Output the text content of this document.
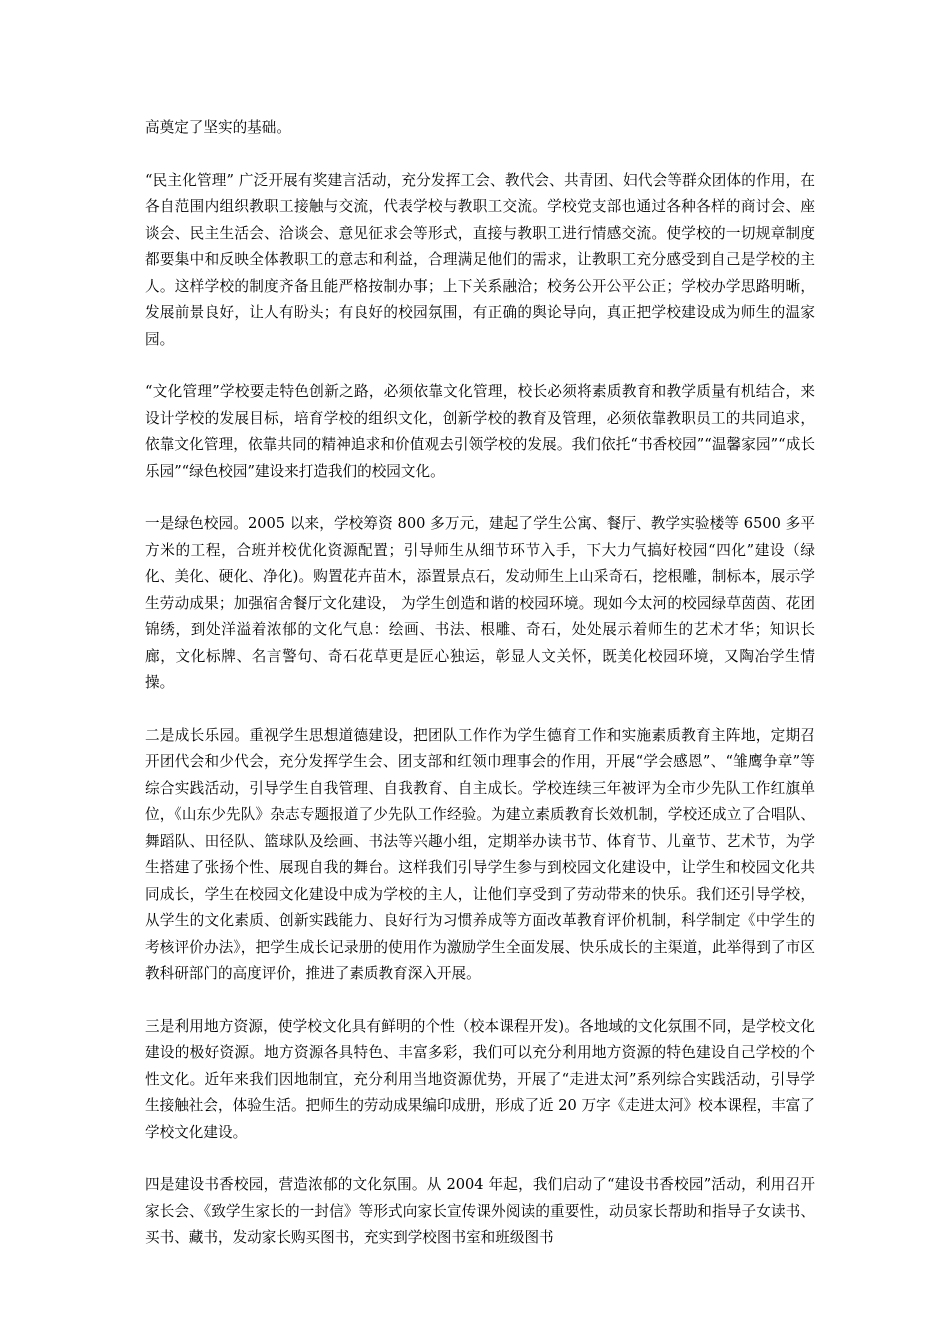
高奠定了坚实的基础。

“民主化管理” 广泛开展有奖建言活动，充分发挥工会、教代会、共青团、妇代会等群众团体的作用，在各自范围内组织教职工接触与交流，代表学校与教职工交流。学校党支部也通过各种各样的商讨会、座谈会、民主生活会、洽谈会、意见征求会等形式，直接与教职工进行情感交流。使学校的一切规章制度都要集中和反映全体教职工的意志和利益，合理满足他们的需求，让教职工充分感受到自己是学校的主人。这样学校的制度齐备且能严格按制办事；上下关系融洽；校务公开公平公正；学校办学思路明晰，发展前景良好，让人有盼头；有良好的校园氛围，有正确的舆论导向，真正把学校建设成为师生的温家园。

“文化管理”学校要走特色创新之路，必须依靠文化管理，校长必须将素质教育和教学质量有机结合，来设计学校的发展目标，培育学校的组织文化，创新学校的教育及管理，必须依靠教职员工的共同追求，依靠文化管理，依靠共同的精神追求和价值观去引领学校的发展。我们依托“书香校园”“温馨家园”“成长乐园”“绿色校园”建设来打造我们的校园文化。

一是绿色校园。2005 以来，学校筹资 800 多万元，建起了学生公寓、餐厅、教学实验楼等 6500 多平方米的工程，合班并校优化资源配置；引导师生从细节环节入手，下大力气搞好校园“四化”建设（绿化、美化、硬化、净化)。购置花卉苗木，添置景点石，发动师生上山采奇石，挖根雕，制标本，展示学生劳动成果；加强宿舍餐厅文化建设， 为学生创造和谐的校园环境。现如今太河的校园绿草茵茵、花团锦绣，到处洋溢着浓郁的文化气息：绘画、书法、根雕、奇石，处处展示着师生的艺术才华；知识长廊，文化标牌、名言警句、奇石花草更是匠心独运，彰显人文关怀，既美化校园环境，又陶冶学生情操。

二是成长乐园。重视学生思想道德建设，把团队工作作为学生德育工作和实施素质教育主阵地，定期召开团代会和少代会，充分发挥学生会、团支部和红领巾理事会的作用，开展“学会感恩”、“雏鹰争章”等综合实践活动，引导学生自我管理、自我教育、自主成长。学校连续三年被评为全市少先队工作红旗单位，《山东少先队》杂志专题报道了少先队工作经验。为建立素质教育长效机制，学校还成立了合唱队、舞蹈队、田径队、篮球队及绘画、书法等兴趣小组，定期举办读书节、体育节、儿童节、艺术节，为学生搭建了张扬个性、展现自我的舞台。这样我们引导学生参与到校园文化建设中，让学生和校园文化共同成长，学生在校园文化建设中成为学校的主人，让他们享受到了劳动带来的快乐。我们还引导学校，从学生的文化素质、创新实践能力、良好行为习惯养成等方面改革教育评价机制，科学制定《中学生的考核评价办法》，把学生成长记录册的使用作为激励学生全面发展、快乐成长的主渠道，此举得到了市区教科研部门的高度评价，推进了素质教育深入开展。

三是利用地方资源，使学校文化具有鲜明的个性（校本课程开发)。各地域的文化氛围不同，是学校文化建设的极好资源。地方资源各具特色、丰富多彩，我们可以充分利用地方资源的特色建设自己学校的个性文化。近年来我们因地制宜，充分利用当地资源优势，开展了“走进太河”系列综合实践活动，引导学生接触社会，体验生活。把师生的劳动成果编印成册，形成了近 20 万字《走进太河》校本课程，丰富了学校文化建设。

四是建设书香校园，营造浓郁的文化氛围。从 2004 年起，我们启动了“建设书香校园”活动，利用召开家长会、《致学生家长的一封信》等形式向家长宣传课外阅读的重要性，动员家长帮助和指导子女读书、买书、藏书，发动家长购买图书，充实到学校图书室和班级图书
